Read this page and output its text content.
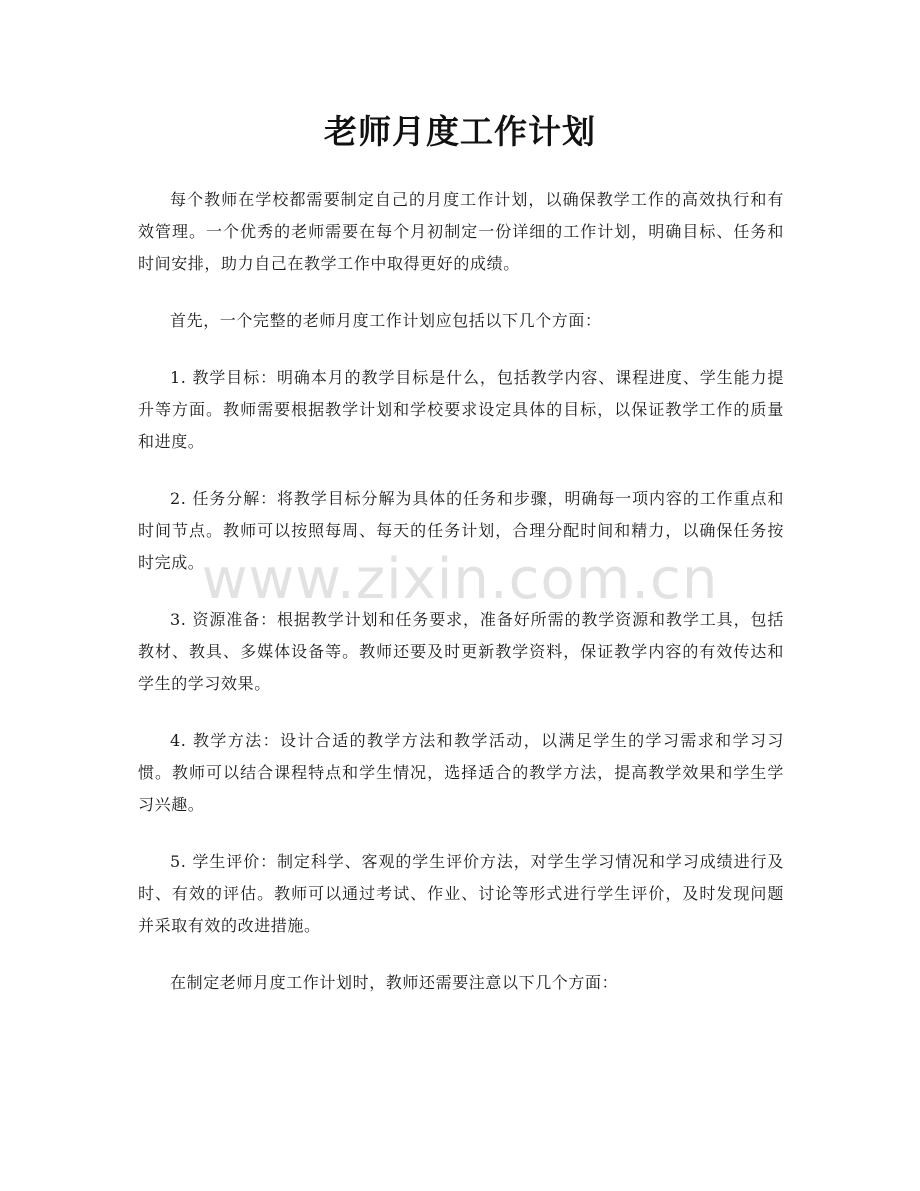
老师月度工作计划

每个教师在学校都需要制定自己的月度工作计划，以确保教学工作的高效执行和有效管理。一个优秀的老师需要在每个月初制定一份详细的工作计划，明确目标、任务和时间安排，助力自己在教学工作中取得更好的成绩。

首先，一个完整的老师月度工作计划应包括以下几个方面：

1. 教学目标：明确本月的教学目标是什么，包括教学内容、课程进度、学生能力提升等方面。教师需要根据教学计划和学校要求设定具体的目标，以保证教学工作的质量和进度。

2. 任务分解：将教学目标分解为具体的任务和步骤，明确每一项内容的工作重点和时间节点。教师可以按照每周、每天的任务计划，合理分配时间和精力，以确保任务按时完成。

3. 资源准备：根据教学计划和任务要求，准备好所需的教学资源和教学工具，包括教材、教具、多媒体设备等。教师还要及时更新教学资料，保证教学内容的有效传达和学生的学习效果。

4. 教学方法：设计合适的教学方法和教学活动，以满足学生的学习需求和学习习惯。教师可以结合课程特点和学生情况，选择适合的教学方法，提高教学效果和学生学习兴趣。

5. 学生评价：制定科学、客观的学生评价方法，对学生学习情况和学习成绩进行及时、有效的评估。教师可以通过考试、作业、讨论等形式进行学生评价，及时发现问题并采取有效的改进措施。

在制定老师月度工作计划时，教师还需要注意以下几个方面：

www.zixin.com.cn
